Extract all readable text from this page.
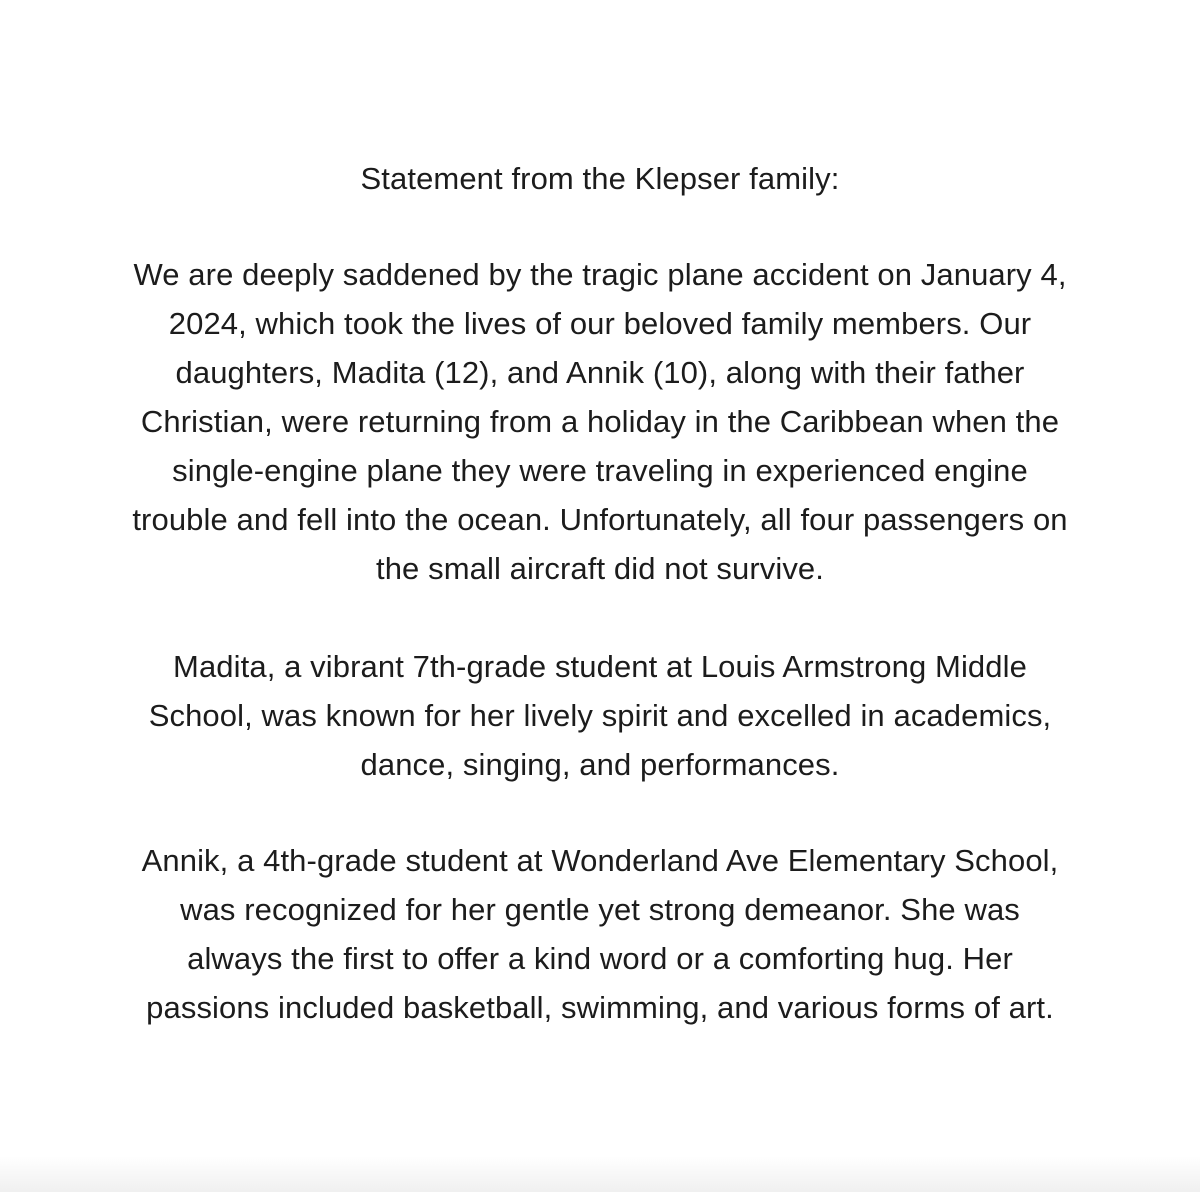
Statement from the Klepser family:

We are deeply saddened by the tragic plane accident on January 4,
2024, which took the lives of our beloved family members. Our
daughters, Madita (12), and Annik (10), along with their father
Christian, were returning from a holiday in the Caribbean when the
single-engine plane they were traveling in experienced engine
trouble and fell into the ocean. Unfortunately, all four passengers on
the small aircraft did not survive.

Madita, a vibrant 7th-grade student at Louis Armstrong Middle
School, was known for her lively spirit and excelled in academics,
dance, singing, and performances.

Annik, a 4th-grade student at Wonderland Ave Elementary School,
was recognized for her gentle yet strong demeanor. She was
always the first to offer a kind word or a comforting hug. Her
passions included basketball, swimming, and various forms of art.
